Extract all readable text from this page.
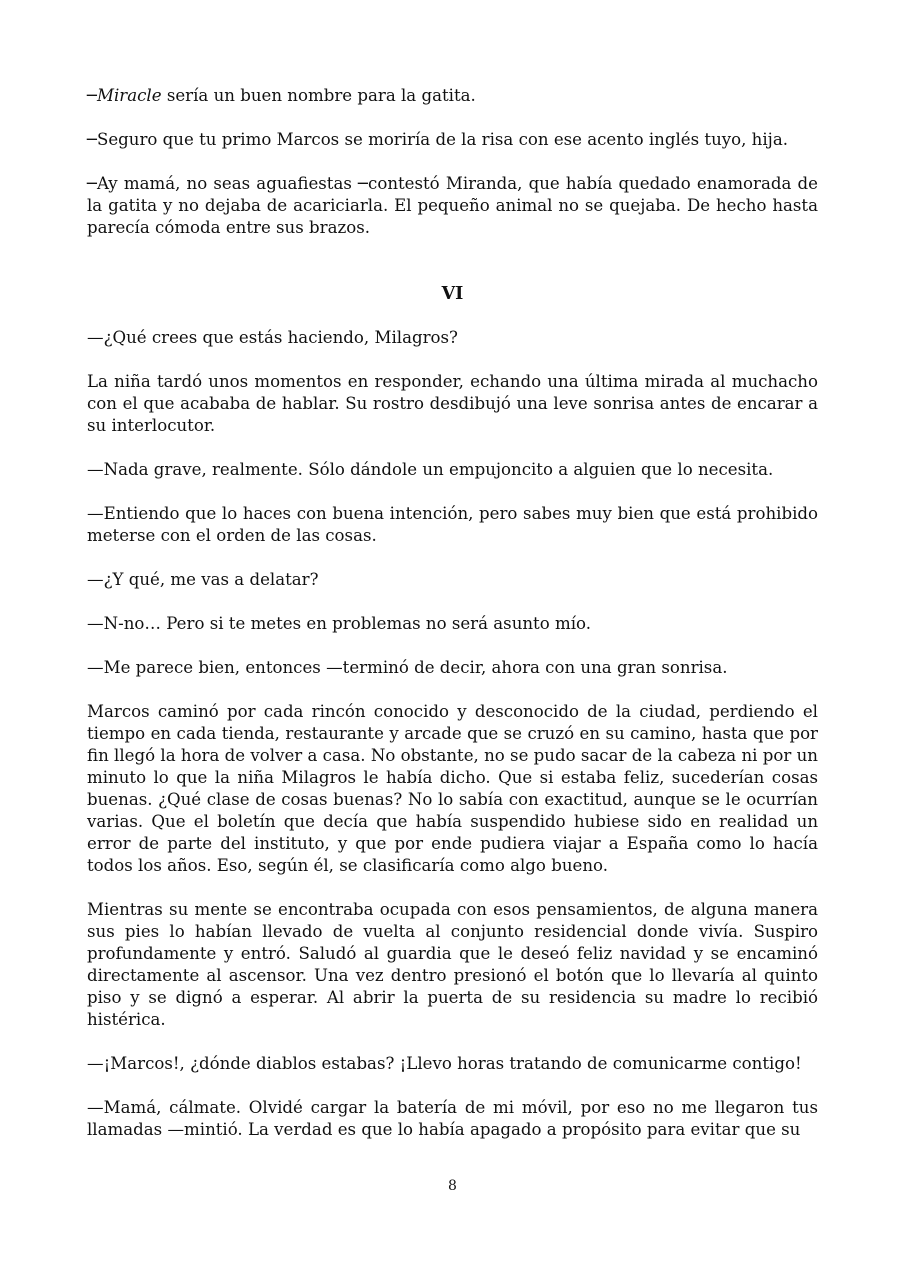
─Miracle sería un buen nombre para la gatita.

─Seguro que tu primo Marcos se moriría de la risa con ese acento inglés tuyo, hija.

─Ay mamá, no seas aguafiestas ─contestó Miranda, que había quedado enamorada de la gatita y no dejaba de acariciarla. El pequeño animal no se quejaba. De hecho hasta parecía cómoda entre sus brazos.

VI

—¿Qué crees que estás haciendo, Milagros?

La niña tardó unos momentos en responder, echando una última mirada al muchacho con el que acababa de hablar. Su rostro desdibujó una leve sonrisa antes de encarar a su interlocutor.

—Nada grave, realmente. Sólo dándole un empujoncito a alguien que lo necesita.

—Entiendo que lo haces con buena intención, pero sabes muy bien que está prohibido meterse con el orden de las cosas.

—¿Y qué, me vas a delatar?

—N-no… Pero si te metes en problemas no será asunto mío.

—Me parece bien, entonces —terminó de decir, ahora con una gran sonrisa.

Marcos caminó por cada rincón conocido y desconocido de la ciudad, perdiendo el tiempo en cada tienda, restaurante y arcade que se cruzó en su camino, hasta que por fin llegó la hora de volver a casa. No obstante, no se pudo sacar de la cabeza ni por un minuto lo que la niña Milagros le había dicho. Que si estaba feliz, sucederían cosas buenas. ¿Qué clase de cosas buenas? No lo sabía con exactitud, aunque se le ocurrían varias. Que el boletín que decía que había suspendido hubiese sido en realidad un error de parte del instituto, y que por ende pudiera viajar a España como lo hacía todos los años. Eso, según él, se clasificaría como algo bueno.

Mientras su mente se encontraba ocupada con esos pensamientos, de alguna manera sus pies lo habían llevado de vuelta al conjunto residencial donde vivía. Suspiro profundamente y entró. Saludó al guardia que le deseó feliz navidad y se encaminó directamente al ascensor. Una vez dentro presionó el botón que lo llevaría al quinto piso y se dignó a esperar. Al abrir la puerta de su residencia su madre lo recibió histérica.

—¡Marcos!, ¿dónde diablos estabas? ¡Llevo horas tratando de comunicarme contigo!

—Mamá, cálmate. Olvidé cargar la batería de mi móvil, por eso no me llegaron tus llamadas —mintió. La verdad es que lo había apagado a propósito para evitar que su

8
